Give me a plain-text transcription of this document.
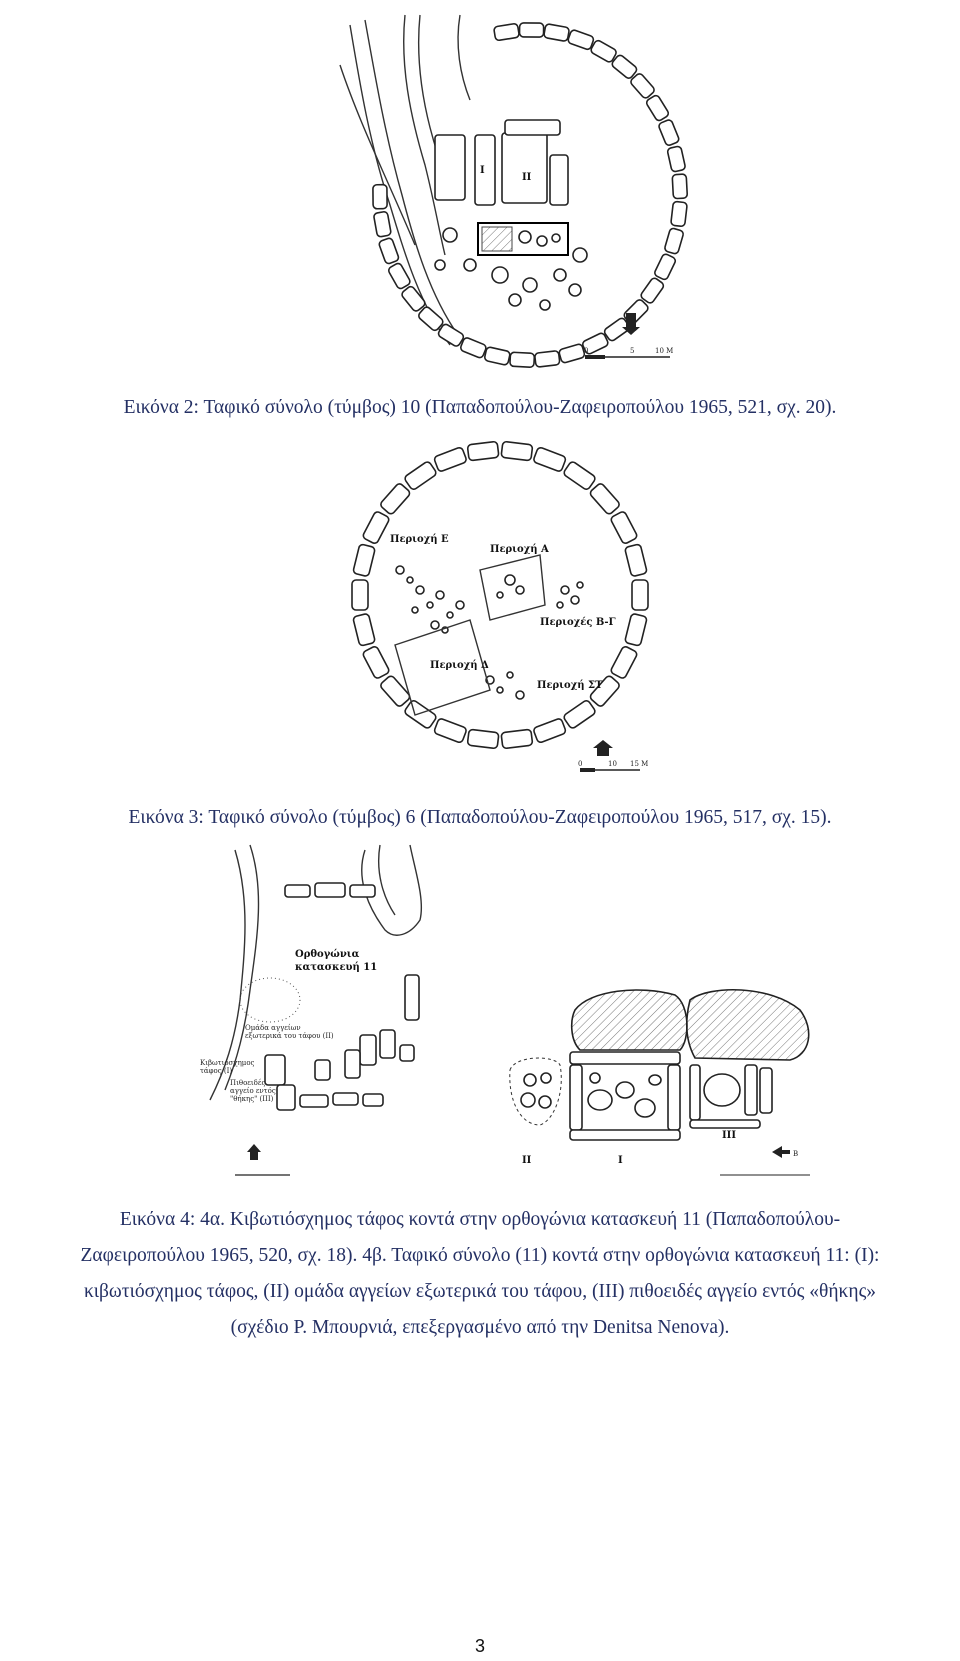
I
II
0	5	10 Μ
Εικόνα 2: Ταφικό σύνολο (τύμβος) 10 (Παπαδοπούλου-Ζαφειροπούλου 1965, 521, σχ. 20).
Περιοχή Ε
Περιοχή Α
Περιοχές Β-Γ
Περιοχή Δ
Περιοχή ΣΤ
0	10 15 M
Εικόνα 3: Ταφικό σύνολο (τύμβος) 6 (Παπαδοπούλου-Ζαφειροπούλου 1965, 517, σχ. 15).
Ορθογώνια
κατασκευή 11
Ομάδα αγγείων
εξωτερικά του τάφου (ΙΙ)
Κιβωτιόσχημος
τάφος (Ι)
Πιθοειδές
αγγείο εντός
"θήκης" (ΙΙΙ)
II	I
III
B
Εικόνα 4: 4α. Κιβωτιόσχημος τάφος κοντά στην ορθογώνια κατασκευή 11 (Παπαδοπούλου-
Ζαφειροπούλου 1965, 520, σχ. 18). 4β. Ταφικό σύνολο (11) κοντά στην ορθογώνια κατασκευή 11: (Ι):
κιβωτιόσχημος τάφος, (ΙΙ) ομάδα αγγείων εξωτερικά του τάφου, (ΙΙΙ) πιθοειδές αγγείο εντός «θήκης»
(σχέδιο Ρ. Μπουρνιά, επεξεργασμένο από την Denitsa Nenova).
3
